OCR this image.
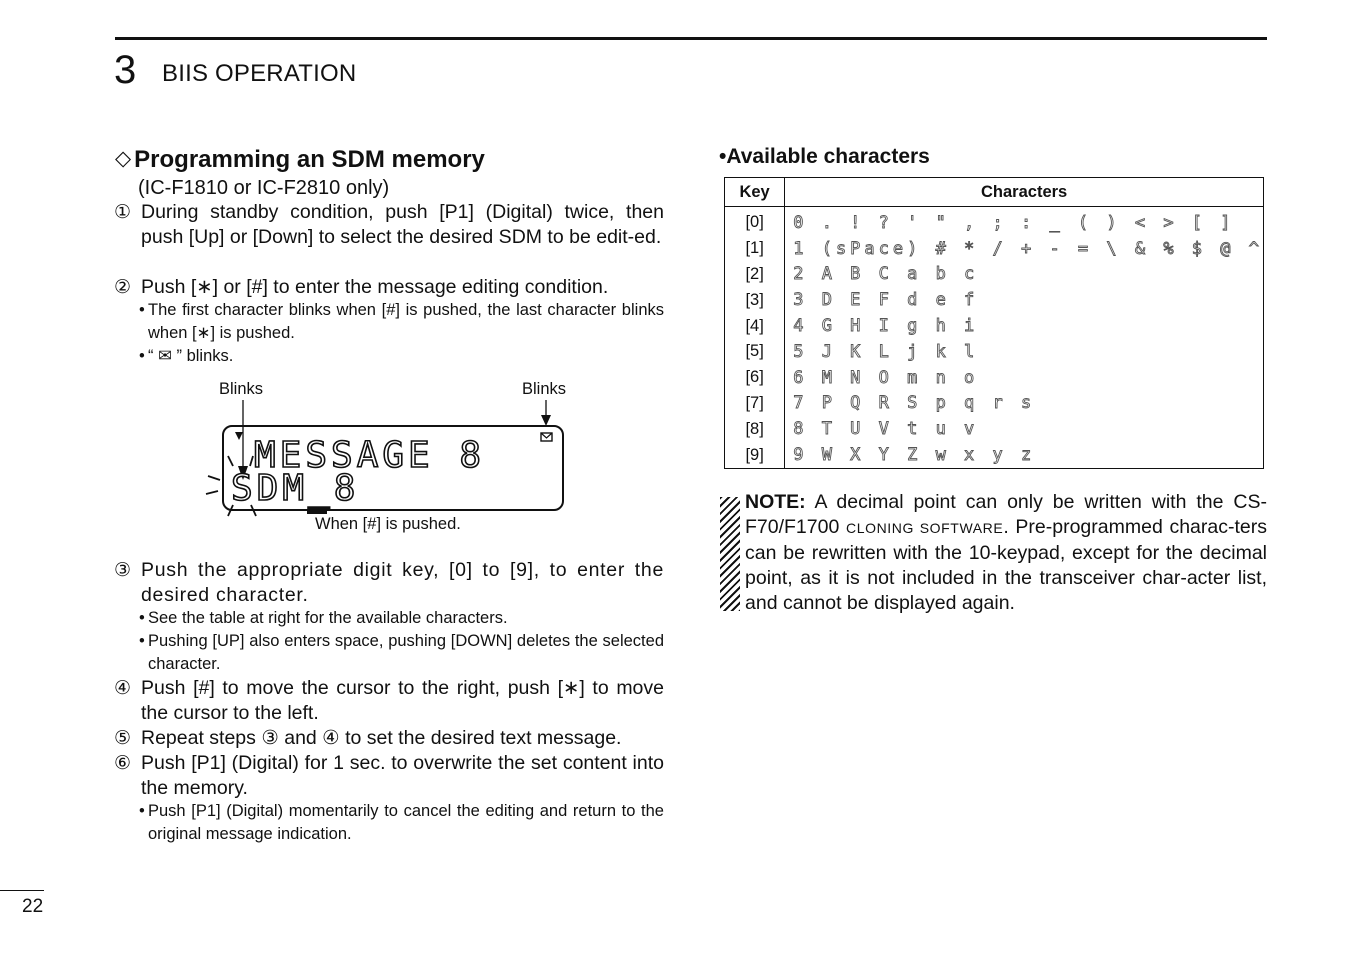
3 BIIS OPERATION
◇ Programming an SDM memory
(IC-F1810 or IC-F2810 only)
① During standby condition, push [P1] (Digital) twice, then push [Up] or [Down] to select the desired SDM to be edit-ed.
② Push [∗] or [#] to enter the message editing condition.
• The first character blinks when [#] is pushed, the last character blinks when [∗] is pushed.
• “ ✉ ” blinks.
Blinks	Blinks
MESSAGE 8
SDM_8
When [#] is pushed.
③ Push the appropriate digit key, [0] to [9], to enter the desired character.
• See the table at right for the available characters.
• Pushing [UP] also enters space, pushing [DOWN] deletes the selected character.
④ Push [#] to move the cursor to the right, push [∗] to move the cursor to the left.
⑤ Repeat steps ③ and ④ to set the desired text message.
⑥ Push [P1] (Digital) for 1 sec. to overwrite the set content into the memory.
• Push [P1] (Digital) momentarily to cancel the editing and return to the original message indication.
•Available characters
Key	Characters
[0]	0 . ! ? ' " , ; : _ ( ) < > [ ]
[1]	1 (sPace) # * / + - = \ & % $ @ ^
[2]	2 A B C a b c
[3]	3 D E F d e f
[4]	4 G H I g h i
[5]	5 J K L j k l
[6]	6 M N O m n o
[7]	7 P Q R S p q r s
[8]	8 T U V t u v
[9]	9 W X Y Z w x y z
NOTE: A decimal point can only be written with the CS-F70/F1700 CLONING SOFTWARE. Pre-programmed charac-ters can be rewritten with the 10-keypad, except for the decimal point, as it is not included in the transceiver char-acter list, and cannot be displayed again.
22
